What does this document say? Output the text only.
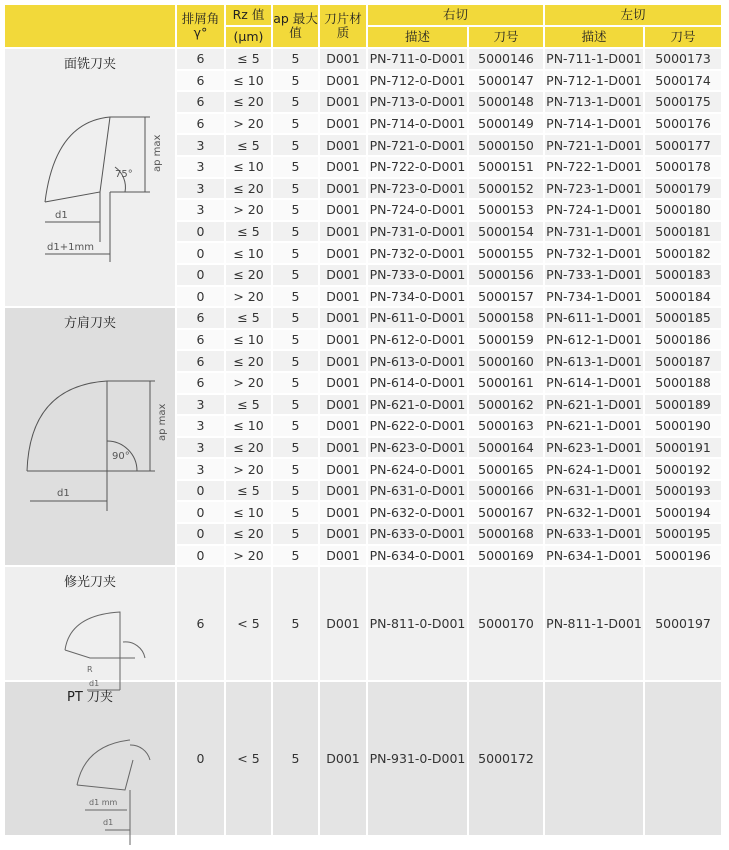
	排屑角γ°	Rz 值	ap 最大值	刀片材质	右切		左切	
		(μm)			描述	刀号	描述	刀号

面铣刀夹
75°
ap max
d1
d1+1mm	6	≤ 5	5	D001	PN-711-0-D001	5000146	PN-711-1-D001	5000173
	6	≤ 10	5	D001	PN-712-0-D001	5000147	PN-712-1-D001	5000174
	6	≤ 20	5	D001	PN-713-0-D001	5000148	PN-713-1-D001	5000175
	6	> 20	5	D001	PN-714-0-D001	5000149	PN-714-1-D001	5000176
	3	≤ 5	5	D001	PN-721-0-D001	5000150	PN-721-1-D001	5000177
	3	≤ 10	5	D001	PN-722-0-D001	5000151	PN-722-1-D001	5000178
	3	≤ 20	5	D001	PN-723-0-D001	5000152	PN-723-1-D001	5000179
	3	> 20	5	D001	PN-724-0-D001	5000153	PN-724-1-D001	5000180
	0	≤ 5	5	D001	PN-731-0-D001	5000154	PN-731-1-D001	5000181
	0	≤ 10	5	D001	PN-732-0-D001	5000155	PN-732-1-D001	5000182
	0	≤ 20	5	D001	PN-733-0-D001	5000156	PN-733-1-D001	5000183
	0	> 20	5	D001	PN-734-0-D001	5000157	PN-734-1-D001	5000184

方肩刀夹
90°
ap max
d1	6	≤ 5	5	D001	PN-611-0-D001	5000158	PN-611-1-D001	5000185
	6	≤ 10	5	D001	PN-612-0-D001	5000159	PN-612-1-D001	5000186
	6	≤ 20	5	D001	PN-613-0-D001	5000160	PN-613-1-D001	5000187
	6	> 20	5	D001	PN-614-0-D001	5000161	PN-614-1-D001	5000188
	3	≤ 5	5	D001	PN-621-0-D001	5000162	PN-621-1-D001	5000189
	3	≤ 10	5	D001	PN-622-0-D001	5000163	PN-621-1-D001	5000190
	3	≤ 20	5	D001	PN-623-0-D001	5000164	PN-623-1-D001	5000191
	3	> 20	5	D001	PN-624-0-D001	5000165	PN-624-1-D001	5000192
	0	≤ 5	5	D001	PN-631-0-D001	5000166	PN-631-1-D001	5000193
	0	≤ 10	5	D001	PN-632-0-D001	5000167	PN-632-1-D001	5000194
	0	≤ 20	5	D001	PN-633-0-D001	5000168	PN-633-1-D001	5000195
	0	> 20	5	D001	PN-634-0-D001	5000169	PN-634-1-D001	5000196

修光刀夹
R
d1	6	< 5	5	D001	PN-811-0-D001	5000170	PN-811-1-D001	5000197

PT 刀夹
d1 mm
d1	0	< 5	5	D001	PN-931-0-D001	5000172		
